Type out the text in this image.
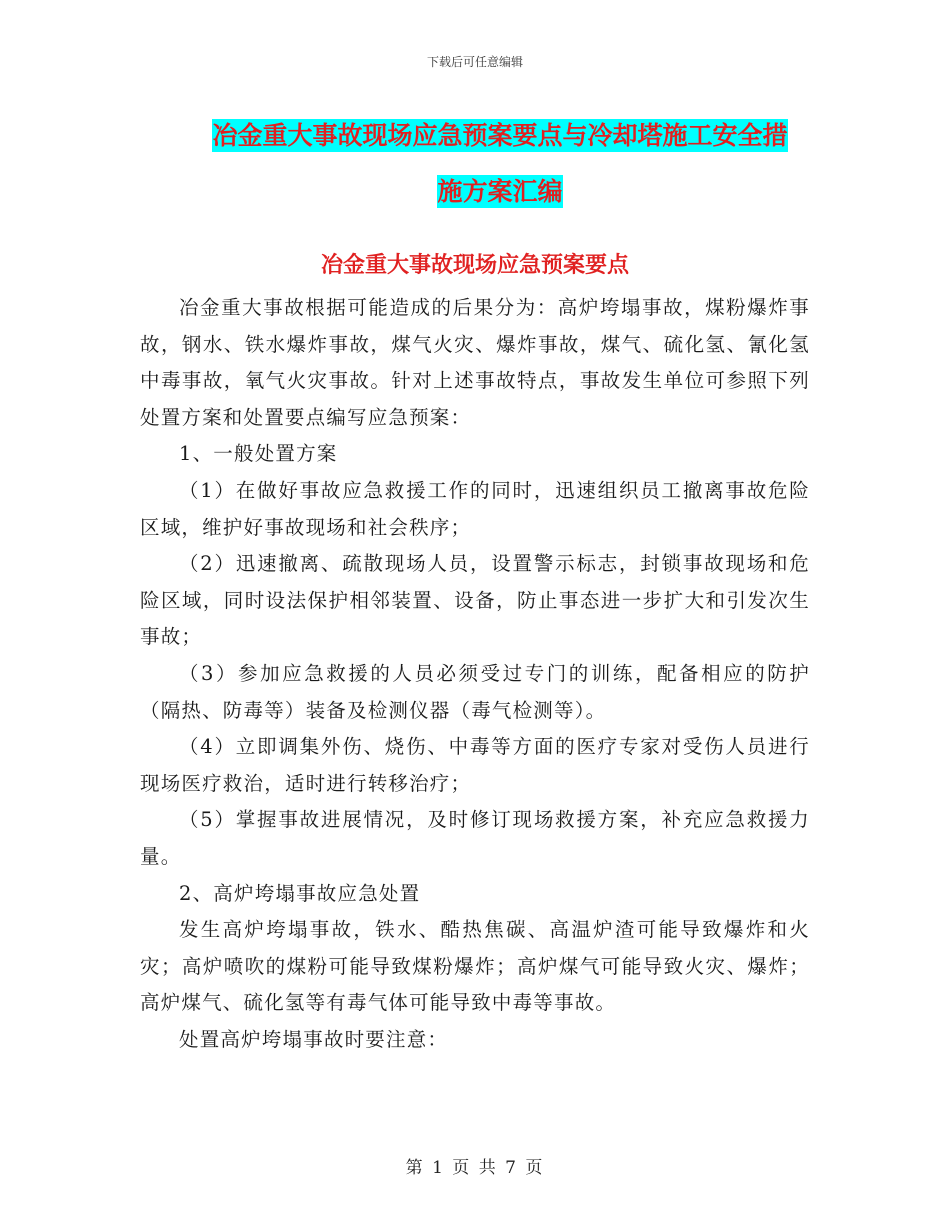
下载后可任意编辑
冶金重大事故现场应急预案要点与冷却塔施工安全措
施方案汇编
冶金重大事故现场应急预案要点

冶金重大事故根据可能造成的后果分为：高炉垮塌事故，煤粉爆炸事故，钢水、铁水爆炸事故，煤气火灾、爆炸事故，煤气、硫化氢、氰化氢中毒事故，氧气火灾事故。针对上述事故特点，事故发生单位可参照下列处置方案和处置要点编写应急预案：

1、一般处置方案

（1）在做好事故应急救援工作的同时，迅速组织员工撤离事故危险区域，维护好事故现场和社会秩序；

（2）迅速撤离、疏散现场人员，设置警示标志，封锁事故现场和危险区域，同时设法保护相邻装置、设备，防止事态进一步扩大和引发次生事故；

（3）参加应急救援的人员必须受过专门的训练，配备相应的防护（隔热、防毒等）装备及检测仪器（毒气检测等）。

（4）立即调集外伤、烧伤、中毒等方面的医疗专家对受伤人员进行现场医疗救治，适时进行转移治疗；

（5）掌握事故进展情况，及时修订现场救援方案，补充应急救援力量。

2、高炉垮塌事故应急处置

发生高炉垮塌事故，铁水、酷热焦碳、高温炉渣可能导致爆炸和火灾；高炉喷吹的煤粉可能导致煤粉爆炸；高炉煤气可能导致火灾、爆炸；高炉煤气、硫化氢等有毒气体可能导致中毒等事故。

处置高炉垮塌事故时要注意：

第 1 页 共 7 页
